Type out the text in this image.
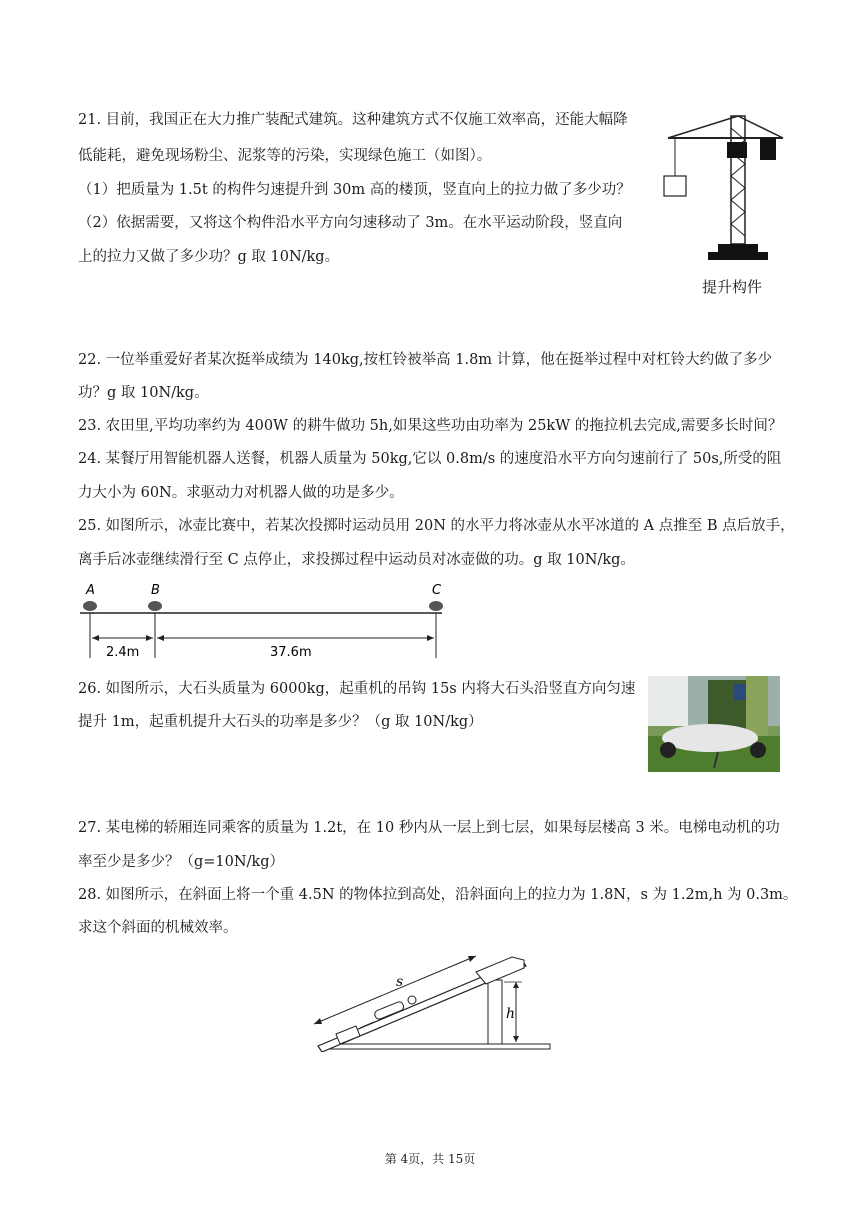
21. 目前，我国正在大力推广装配式建筑。这种建筑方式不仅施工效率高，还能大幅降
低能耗，避免现场粉尘、泥浆等的污染，实现绿色施工（如图）。
（1）把质量为 1.5t 的构件匀速提升到 30m 高的楼顶，竖直向上的拉力做了多少功？
（2）依据需要，又将这个构件沿水平方向匀速移动了 3m。在水平运动阶段，竖直向
上的拉力又做了多少功？g 取 10N/kg。
提升构件
22. 一位举重爱好者某次挺举成绩为 140kg,按杠铃被举高 1.8m 计算，他在挺举过程中对杠铃大约做了多少
功？g 取 10N/kg。
23. 农田里,平均功率约为 400W 的耕牛做功 5h,如果这些功由功率为 25kW 的拖拉机去完成,需要多长时间？
24. 某餐厅用智能机器人送餐，机器人质量为 50kg,它以 0.8m/s 的速度沿水平方向匀速前行了 50s,所受的阻
力大小为 60N。求驱动力对机器人做的功是多少。
25. 如图所示，冰壶比赛中，若某次投掷时运动员用 20N 的水平力将冰壶从水平冰道的 A 点推至 B 点后放手，
离手后冰壶继续滑行至 C 点停止，求投掷过程中运动员对冰壶做的功。g 取 10N/kg。
A	B	C
2.4m	37.6m
26. 如图所示，大石头质量为 6000kg，起重机的吊钩 15s 内将大石头沿竖直方向匀速
提升 1m，起重机提升大石头的功率是多少？（g 取 10N/kg）
27. 某电梯的轿厢连同乘客的质量为 1.2t，在 10 秒内从一层上到七层，如果每层楼高 3 米。电梯电动机的功
率至少是多少？（g=10N/kg）
28. 如图所示，在斜面上将一个重 4.5N 的物体拉到高处，沿斜面向上的拉力为 1.8N，s 为 1.2m,h 为 0.3m。
求这个斜面的机械效率。
s
h
第 4页，共 15页
